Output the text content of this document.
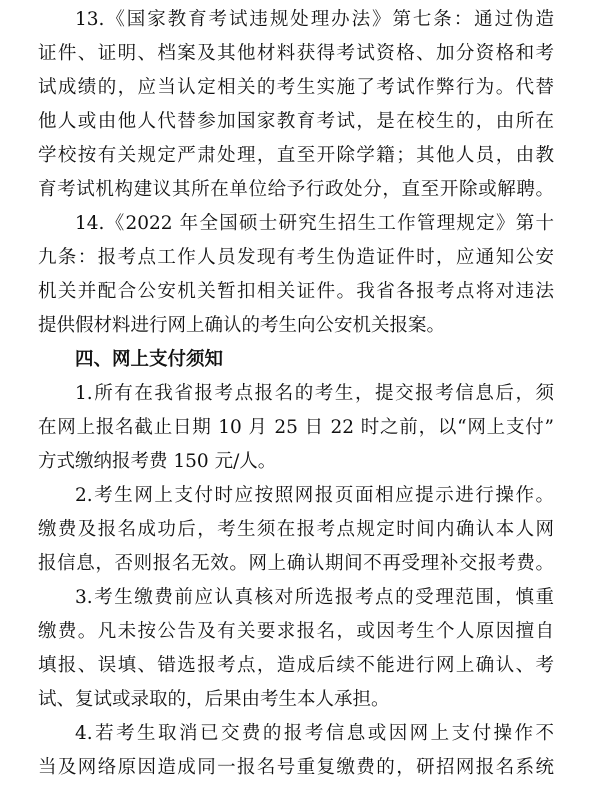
13.《国家教育考试违规处理办法》第七条：通过伪造
证件、证明、档案及其他材料获得考试资格、加分资格和考
试成绩的，应当认定相关的考生实施了考试作弊行为。代替
他人或由他人代替参加国家教育考试，是在校生的，由所在
学校按有关规定严肃处理，直至开除学籍；其他人员，由教
育考试机构建议其所在单位给予行政处分，直至开除或解聘。
14.《2022 年全国硕士研究生招生工作管理规定》第十
九条：报考点工作人员发现有考生伪造证件时，应通知公安
机关并配合公安机关暂扣相关证件。我省各报考点将对违法
提供假材料进行网上确认的考生向公安机关报案。
四、网上支付须知
1.所有在我省报考点报名的考生，提交报考信息后，须
在网上报名截止日期 10 月 25 日 22 时之前，以“网上支付”
方式缴纳报考费 150 元/人。
2.考生网上支付时应按照网报页面相应提示进行操作。
缴费及报名成功后，考生须在报考点规定时间内确认本人网
报信息，否则报名无效。网上确认期间不再受理补交报考费。
3.考生缴费前应认真核对所选报考点的受理范围，慎重
缴费。凡未按公告及有关要求报名，或因考生个人原因擅自
填报、误填、错选报考点，造成后续不能进行网上确认、考
试、复试或录取的，后果由考生本人承担。
4.若考生取消已交费的报考信息或因网上支付操作不
当及网络原因造成同一报名号重复缴费的，研招网报名系统
